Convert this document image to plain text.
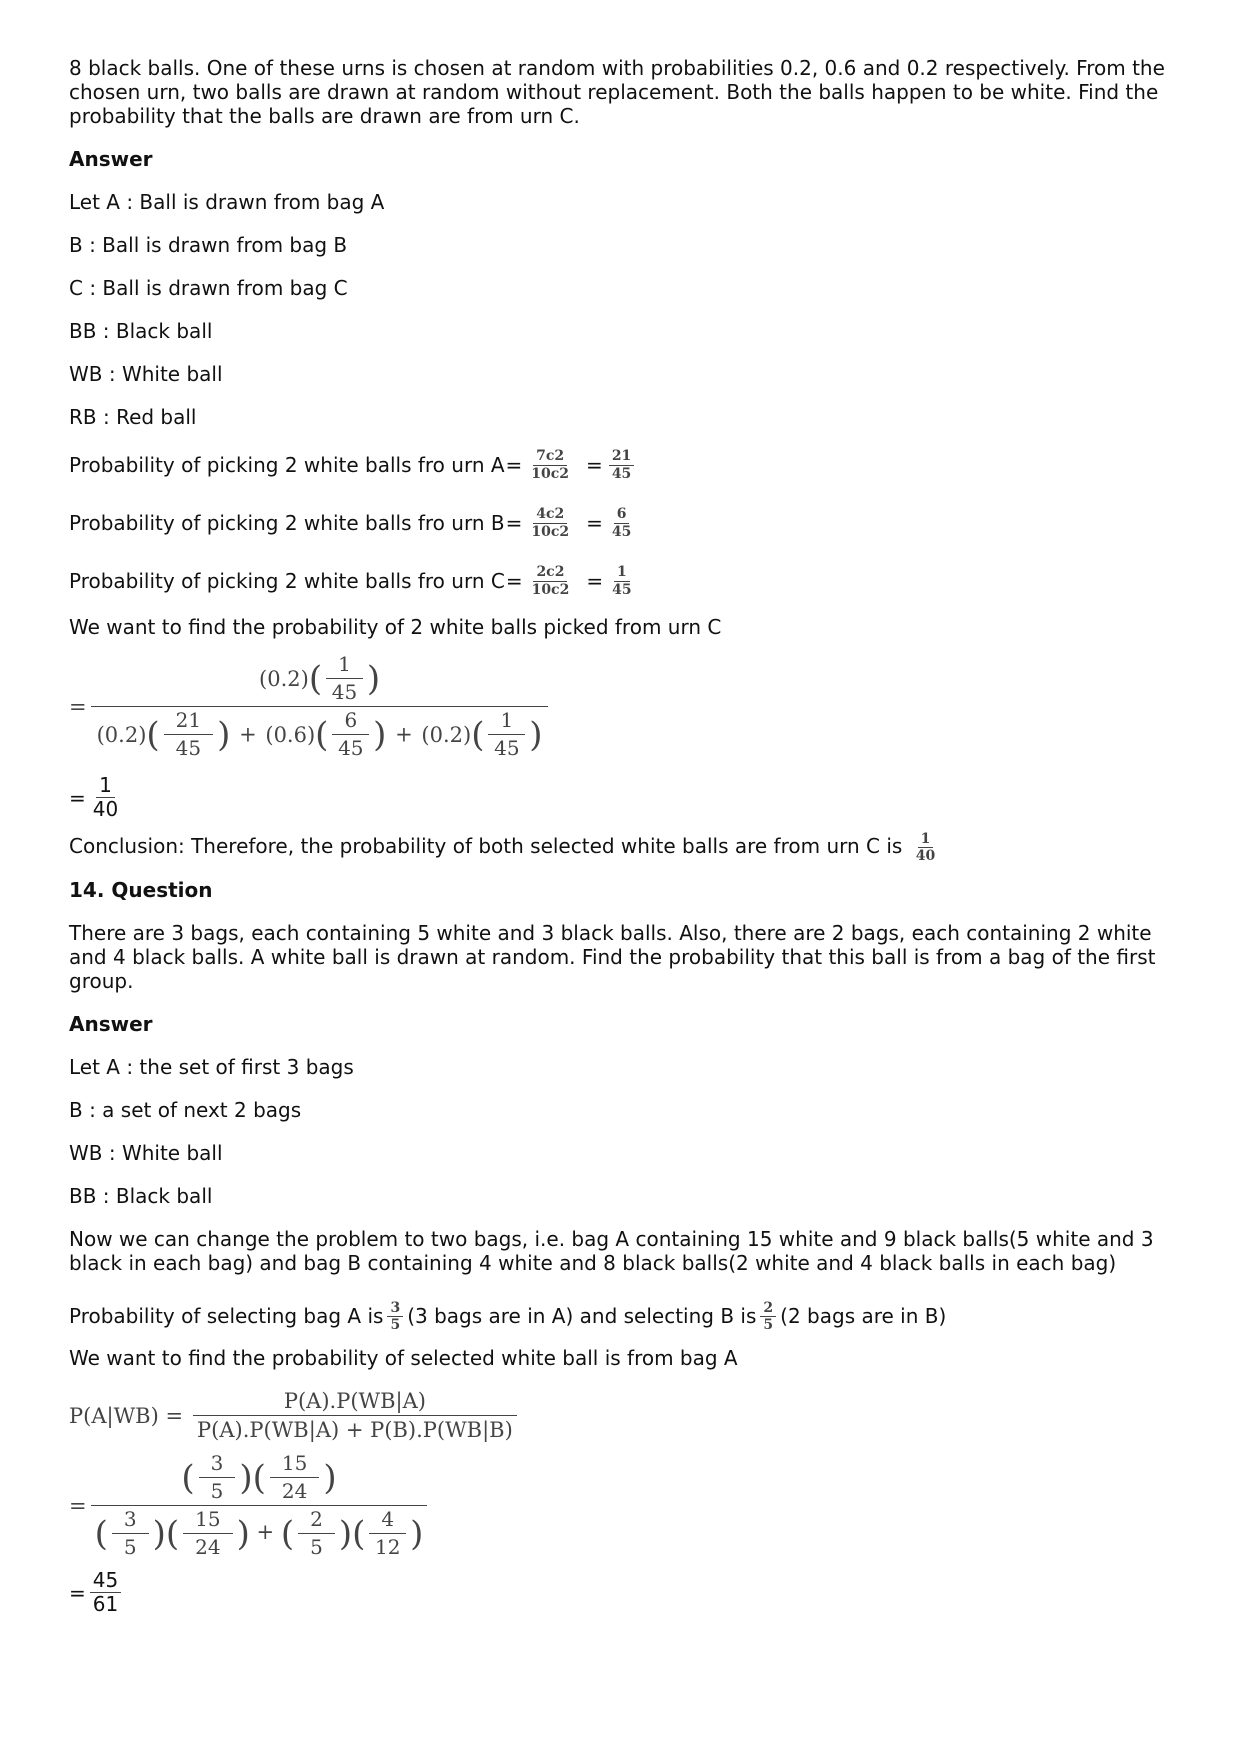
8 black balls. One of these urns is chosen at random with probabilities 0.2, 0.6 and 0.2 respectively. From the chosen urn, two balls are drawn at random without replacement. Both the balls happen to be white. Find the probability that the balls are drawn are from urn C.

Answer

Let A : Ball is drawn from bag A

B : Ball is drawn from bag B

C : Ball is drawn from bag C

BB : Black ball

WB : White ball

RB : Red ball

Probability of picking 2 white balls fro urn $A = \frac{7c2}{10c2} = \frac{21}{45}$
Probability of picking 2 white balls fro urn $B = \frac{4c2}{10c2} = \frac{6}{45}$
Probability of picking 2 white balls fro urn $C = \frac{2c2}{10c2} = \frac{1}{45}$

We want to find the probability of 2 white balls picked from urn C

=
(0.2) ( $\frac{1}{45}$ )
(0.2) ( $\frac{21}{45}$ ) + (0.6) ( $\frac{6}{45}$ ) + (0.2) ( $\frac{1}{45}$ )
= $\frac{1}{40}$

Conclusion: Therefore, the probability of both selected white balls are from urn C is $\frac{1}{40}$

14. Question

There are 3 bags, each containing 5 white and 3 black balls. Also, there are 2 bags, each containing 2 white and 4 black balls. A white ball is drawn at random. Find the probability that this ball is from a bag of the first group.

Answer

Let A : the set of first 3 bags

B : a set of next 2 bags

WB : White ball

BB : Black ball

Now we can change the problem to two bags, i.e. bag A containing 15 white and 9 black balls(5 white and 3 black in each bag) and bag B containing 4 white and 8 black balls(2 white and 4 black balls in each bag)

Probability of selecting bag A is $\frac{3}{5} (3$ bags are in A) and selecting B is $\frac{2}{5} (2$ bags are in B)

We want to find the probability of selected white ball is from bag A

$P(A|WB) = \frac{P(A).P(WB|A)}{P(A).P(WB|A) + P(B).P(WB|B)}$
= $\frac{( \frac{3}{5} )( \frac{15}{24} )}{( \frac{3}{5} )( \frac{15}{24} ) + ( \frac{2}{5} )( \frac{4}{12} )}$
= $\frac{45}{61}$
